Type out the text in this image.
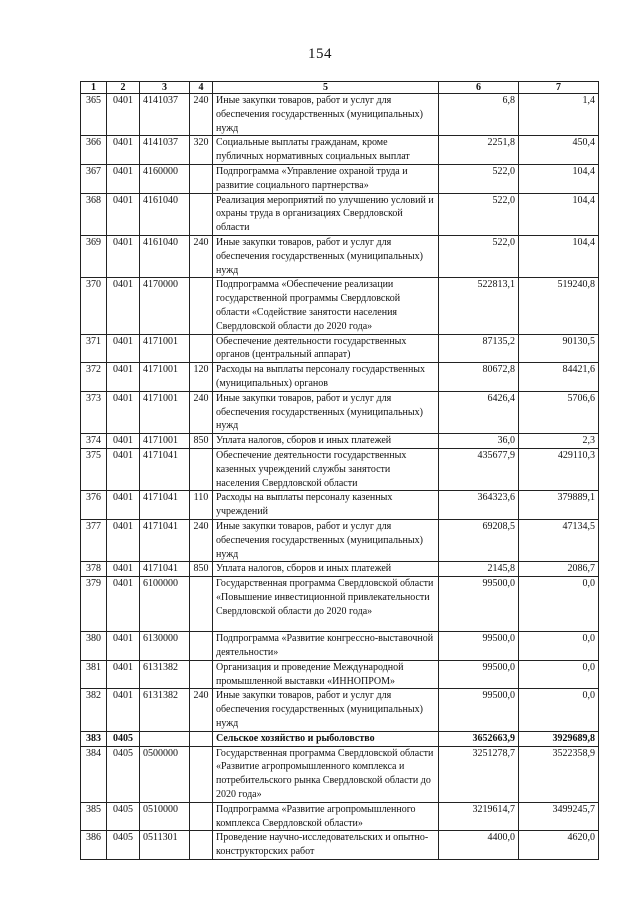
154
1	2	3	4	5	6	7
365	0401	4141037	240	Иные закупки товаров, работ и услуг для обеспечения государственных (муниципальных) нужд	6,8	1,4
366	0401	4141037	320	Социальные выплаты гражданам, кроме публичных нормативных социальных выплат	2251,8	450,4
367	0401	4160000		Подпрограмма «Управление охраной труда и развитие социального партнерства»	522,0	104,4
368	0401	4161040		Реализация мероприятий по улучшению условий и охраны труда в организациях Свердловской области	522,0	104,4
369	0401	4161040	240	Иные закупки товаров, работ и услуг для обеспечения государственных (муниципальных) нужд	522,0	104,4
370	0401	4170000		Подпрограмма «Обеспечение реализации государственной программы Свердловской области «Содействие занятости населения Свердловской области до 2020 года»	522813,1	519240,8
371	0401	4171001		Обеспечение деятельности государственных органов (центральный аппарат)	87135,2	90130,5
372	0401	4171001	120	Расходы на выплаты персоналу государственных (муниципальных) органов	80672,8	84421,6
373	0401	4171001	240	Иные закупки товаров, работ и услуг для обеспечения государственных (муниципальных) нужд	6426,4	5706,6
374	0401	4171001	850	Уплата налогов, сборов и иных платежей	36,0	2,3
375	0401	4171041		Обеспечение деятельности государственных казенных учреждений службы занятости населения Свердловской области	435677,9	429110,3
376	0401	4171041	110	Расходы на выплаты персоналу казенных учреждений	364323,6	379889,1
377	0401	4171041	240	Иные закупки товаров, работ и услуг для обеспечения государственных (муниципальных) нужд	69208,5	47134,5
378	0401	4171041	850	Уплата налогов, сборов и иных платежей	2145,8	2086,7
379	0401	6100000		Государственная программа Свердловской области «Повышение инвестиционной привлекательности Свердловской области до 2020 года»	99500,0	0,0
380	0401	6130000		Подпрограмма «Развитие конгрессно-выставочной деятельности»	99500,0	0,0
381	0401	6131382		Организация и проведение Международной промышленной выставки «ИННОПРОМ»	99500,0	0,0
382	0401	6131382	240	Иные закупки товаров, работ и услуг для обеспечения государственных (муниципальных) нужд	99500,0	0,0
383	0405			Сельское хозяйство и рыболовство	3652663,9	3929689,8
384	0405	0500000		Государственная программа Свердловской области «Развитие агропромышленного комплекса и потребительского рынка Свердловской области до 2020 года»	3251278,7	3522358,9
385	0405	0510000		Подпрограмма «Развитие агропромышленного комплекса Свердловской области»	3219614,7	3499245,7
386	0405	0511301		Проведение научно-исследовательских и опытно-конструкторских работ	4400,0	4620,0
